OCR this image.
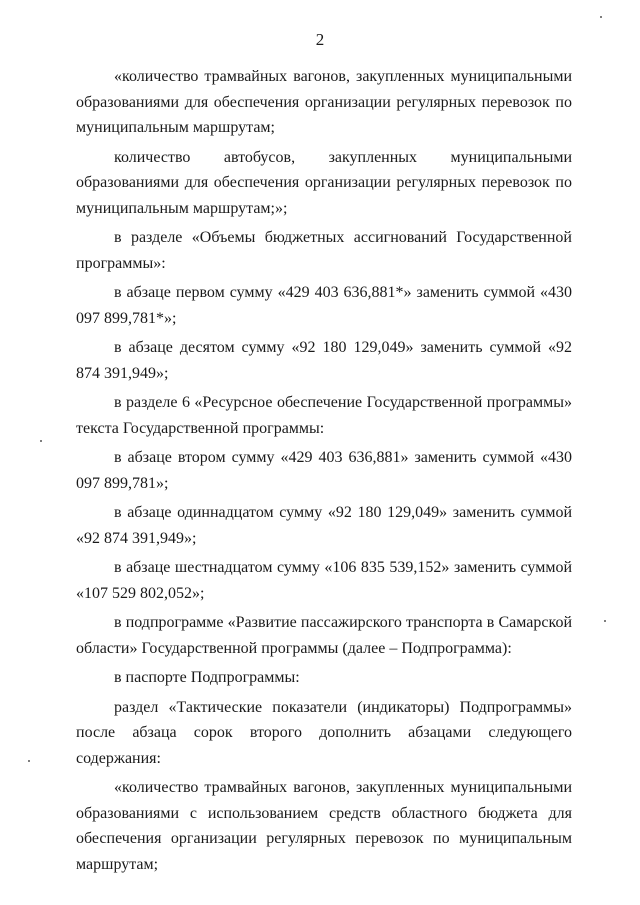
2

«количество трамвайных вагонов, закупленных муниципальными образованиями для обеспечения организации регулярных перевозок по муниципальным маршрутам;

количество автобусов, закупленных муниципальными образованиями для обеспечения организации регулярных перевозок по муниципальным маршрутам;»;

в разделе «Объемы бюджетных ассигнований Государственной программы»:

в абзаце первом сумму «429 403 636,881*» заменить суммой «430 097 899,781*»;

в абзаце десятом сумму «92 180 129,049» заменить суммой «92 874 391,949»;

в разделе 6 «Ресурсное обеспечение Государственной программы» текста Государственной программы:

в абзаце втором сумму «429 403 636,881» заменить суммой «430 097 899,781»;

в абзаце одиннадцатом сумму «92 180 129,049» заменить суммой «92 874 391,949»;

в абзаце шестнадцатом сумму «106 835 539,152» заменить суммой «107 529 802,052»;

в подпрограмме «Развитие пассажирского транспорта в Самарской области» Государственной программы (далее – Подпрограмма):

в паспорте Подпрограммы:

раздел «Тактические показатели (индикаторы) Подпрограммы» после абзаца сорок второго дополнить абзацами следующего содержания:

«количество трамвайных вагонов, закупленных муниципальными образованиями с использованием средств областного бюджета для обеспечения организации регулярных перевозок по муниципальным маршрутам;
